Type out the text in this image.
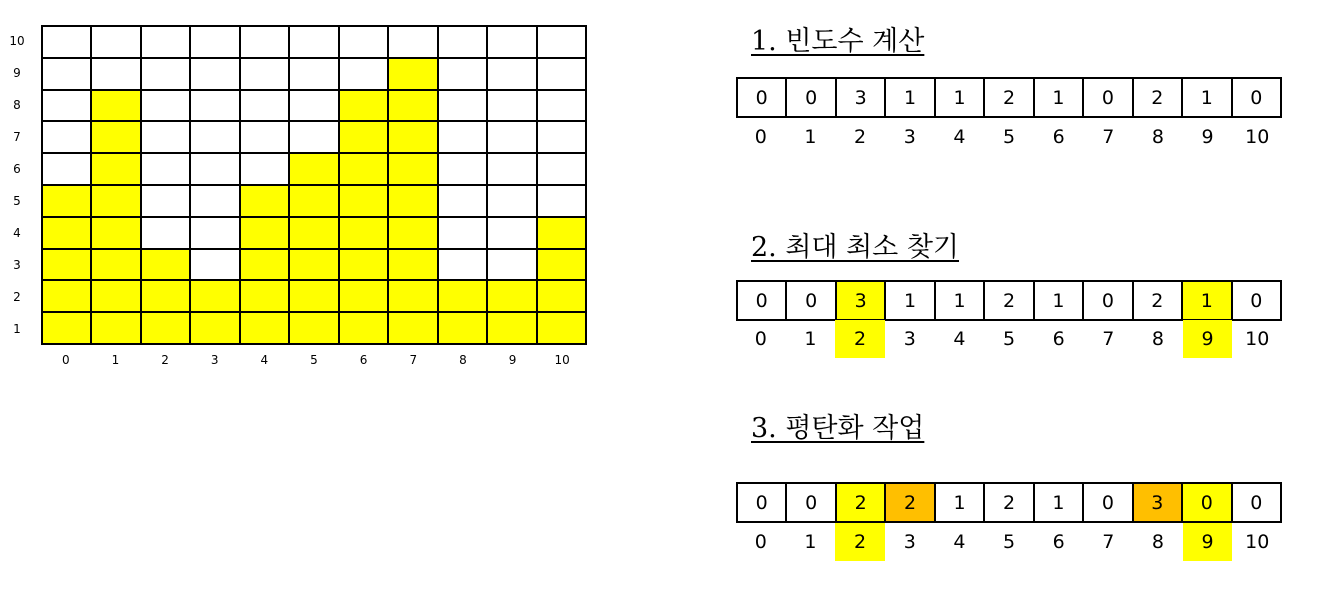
10
9
8
7
6
5
4
3
2
1
0	1	2	3	4	5	6	7	8	9	10
1. 빈도수 계산
0	0	3	1	1	2	1	0	2	1	0
0	1	2	3	4	5	6	7	8	9	10
2. 최대 최소 찾기
0	0	3	1	1	2	1	0	2	1	0
0	1	2	3	4	5	6	7	8	9	10
3. 평탄화 작업
0	0	2	2	1	2	1	0	3	0	0
0	1	2	3	4	5	6	7	8	9	10
